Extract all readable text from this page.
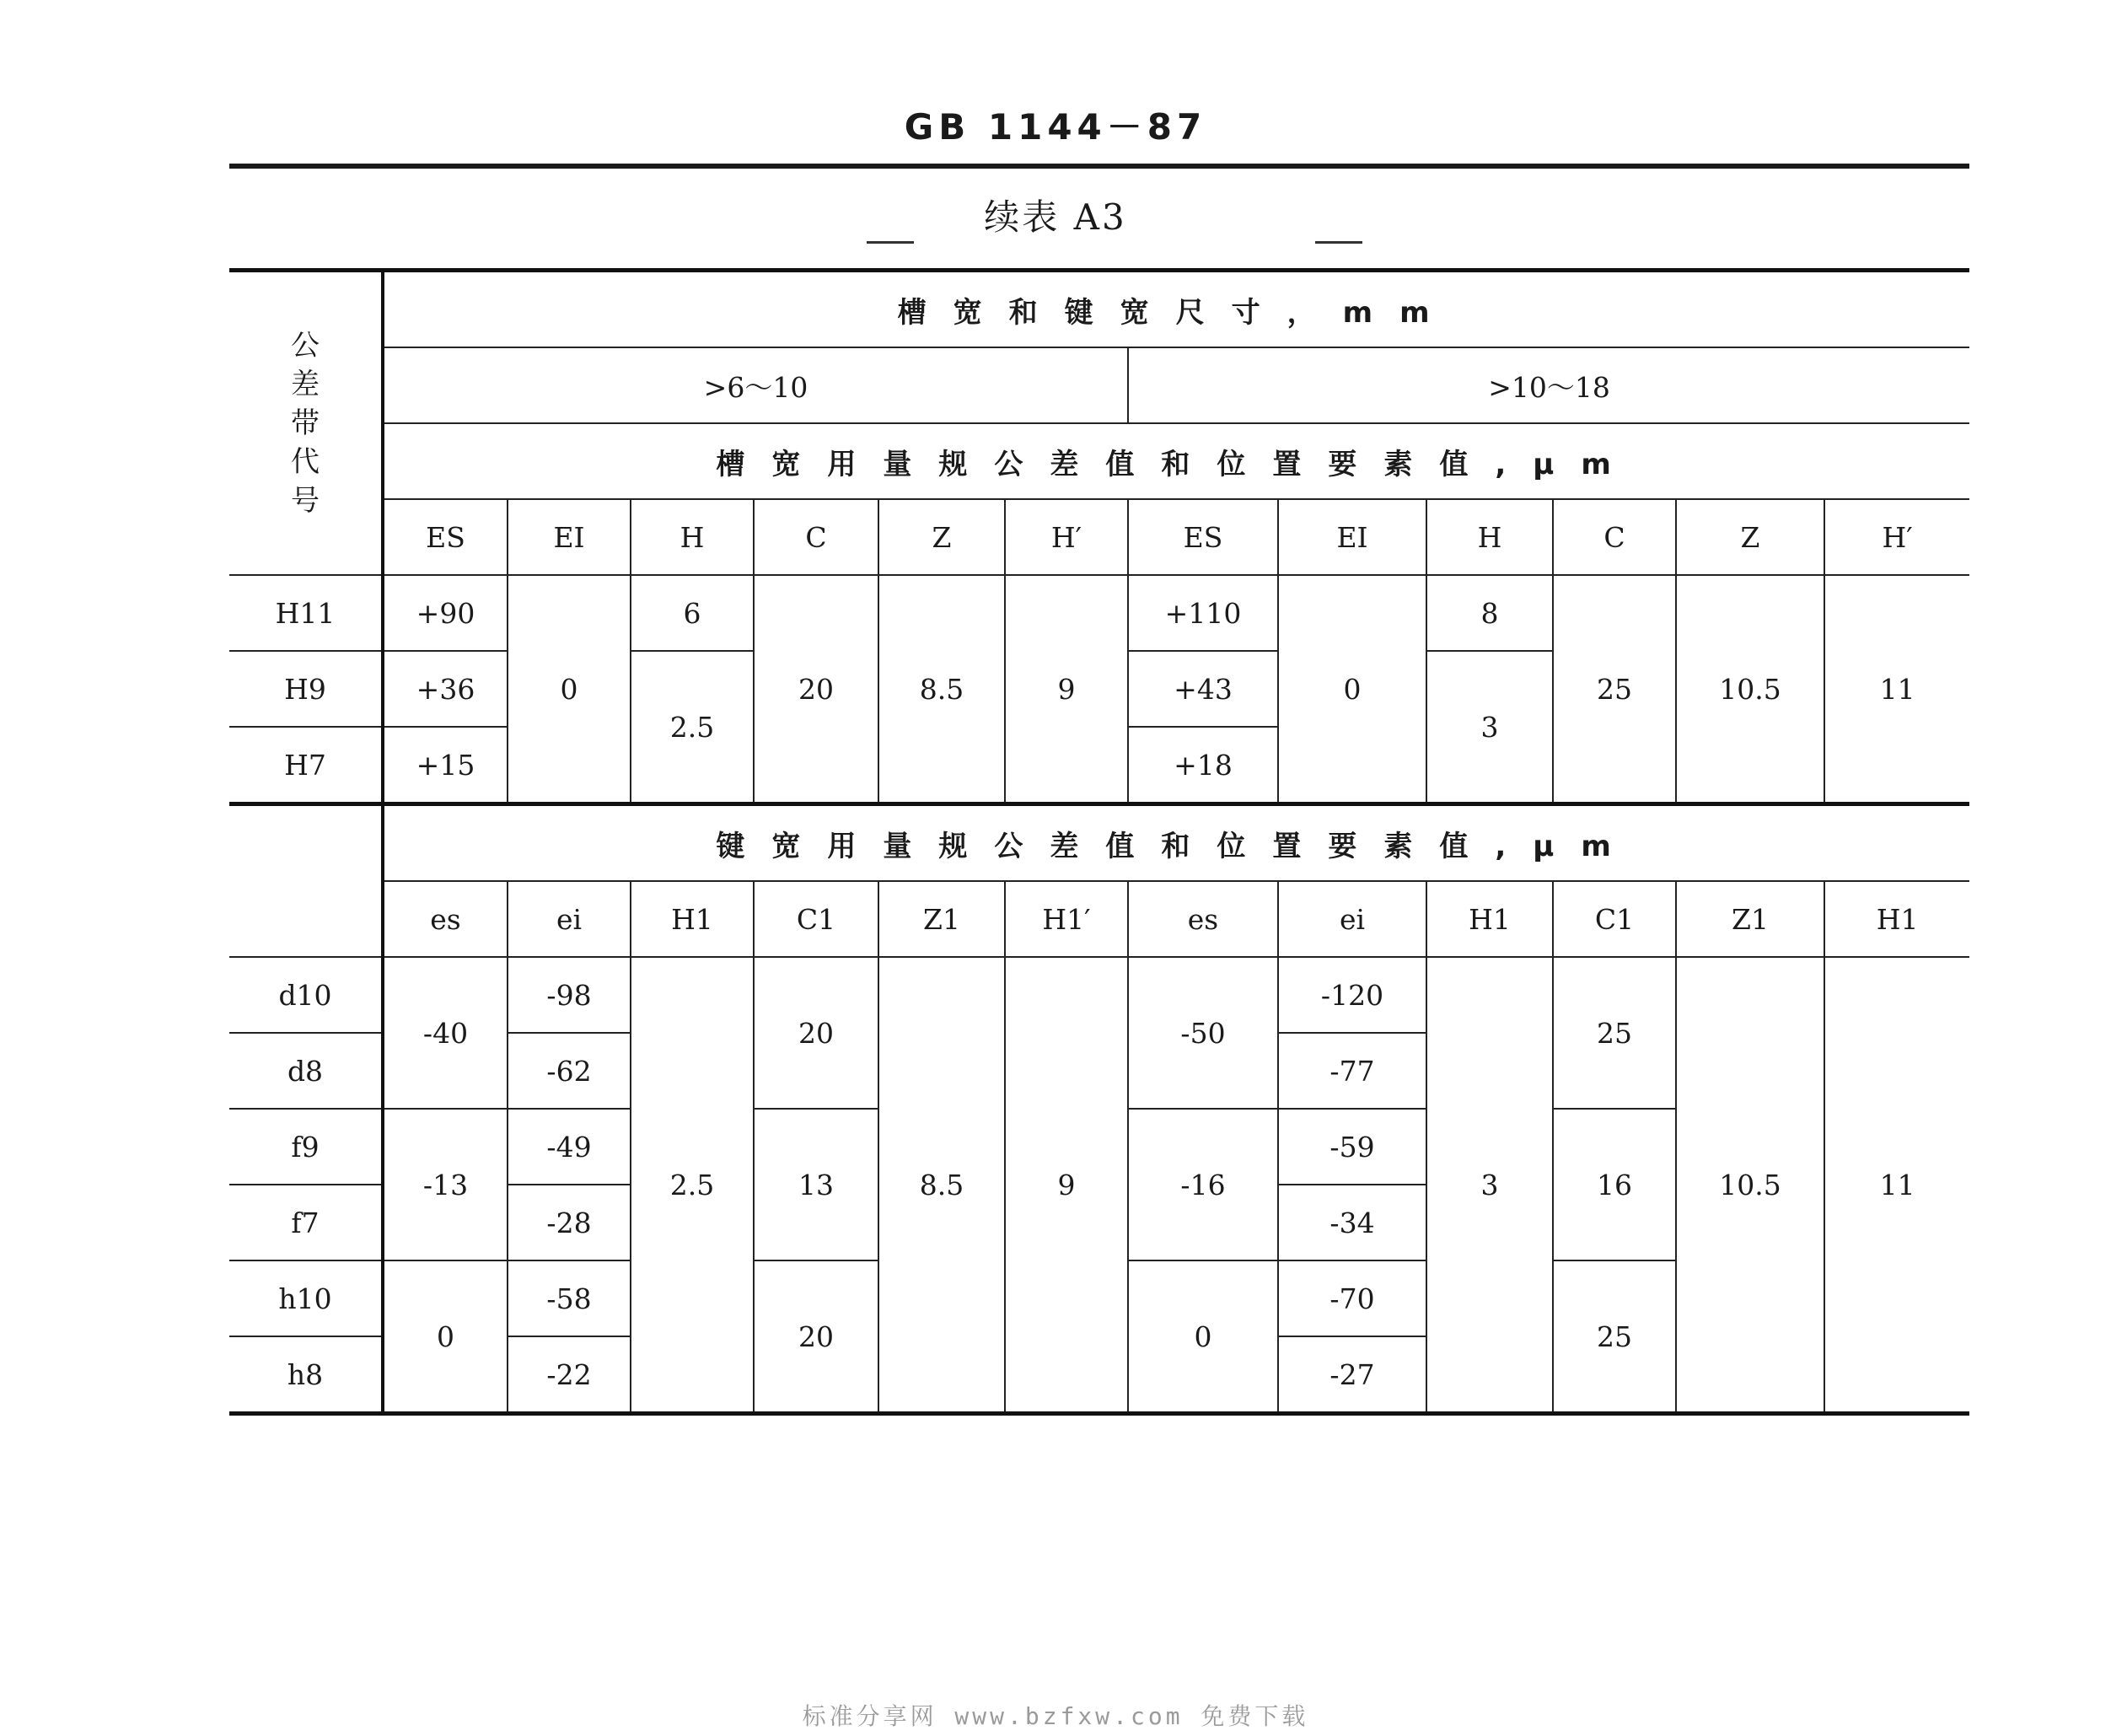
GB 1144－87
续表 A3
公差带代号	槽宽和键宽尺寸，mm											
	>6～10						>10～18					
	槽宽用量规公差值和位置要素值,μm											
	ES	EI	H	C	Z	H′	ES	EI	H	C	Z	H′
H11	+90	0	6	20	8.5	9	+110	0	8	25	10.5	11
H9	+36		2.5				+43		3			
H7	+15						+18					
	键宽用量规公差值和位置要素值,μm											
	es	ei	H1	C1	Z1	H1′	es	ei	H1	C1	Z1	H1
d10	-40	-98	2.5	20	8.5	9	-50	-120	3	25	10.5	11
d8		-62						-77				
f9	-13	-49		13			-16	-59		16		
f7		-28						-34				
h10	0	-58		20			0	-70		25		
h8		-22						-27				
标准分享网 www.bzfxw.com 免费下载
